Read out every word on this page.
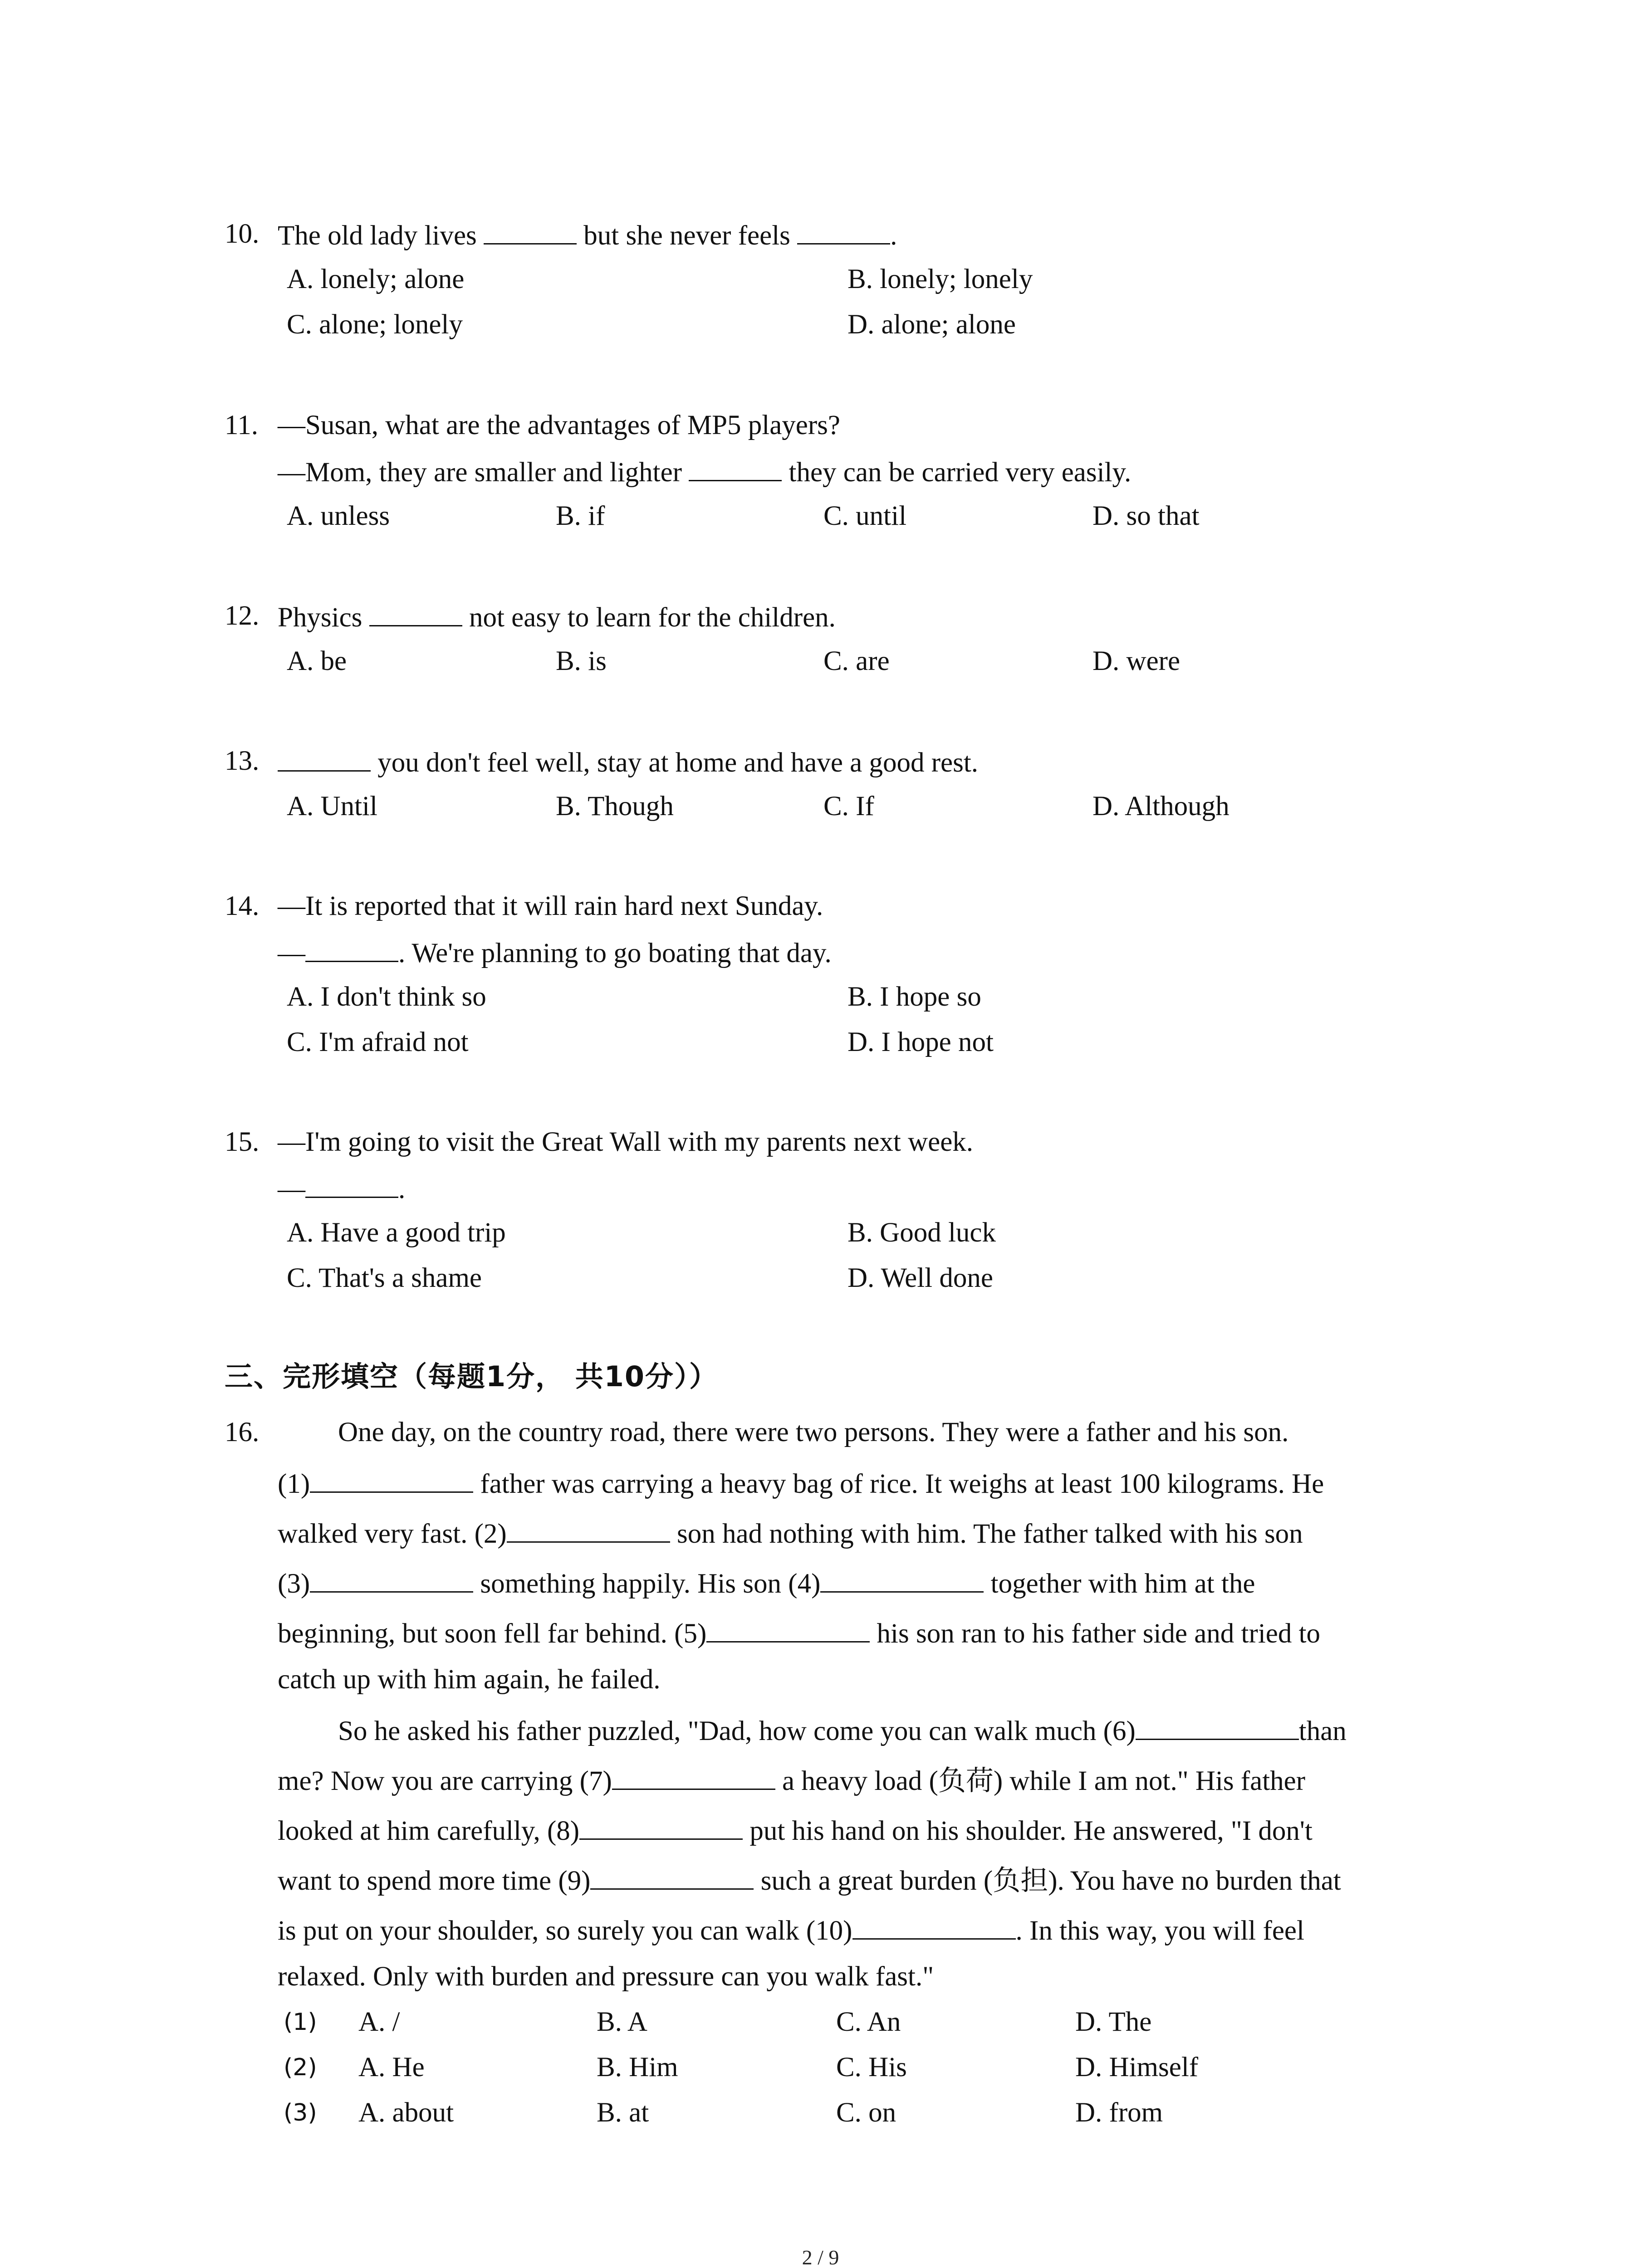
10. The old lady lives	but she never feels	.
A. lonely; alone	B. lonely; lonely
C. alone; lonely	D. alone; alone
11. —Susan, what are the advantages of MP5 players?
—Mom, they are smaller and lighter	they can be carried very easily.
A. unless	B. if	C. until	D. so that
12. Physics	not easy to learn for the children.
A. be	B. is	C. are	D. were
13.	you don't feel well, stay at home and have a good rest.
A. Until	B. Though	C. If	D. Although
14. —It is reported that it will rain hard next Sunday.
—	. We're planning to go boating that day.
A. I don't think so	B. I hope so
C. I'm afraid not	D. I hope not
15. —I'm going to visit the Great Wall with my parents next week.
—	.
A. Have a good trip	B. Good luck
C. That's a shame	D. Well done
三、完形填空（每题1分， 共10分））
16.	One day, on the country road, there were two persons. They were a father and his son.
(1)	father was carrying a heavy bag of rice. It weighs at least 100 kilograms. He
walked very fast. (2)	son had nothing with him. The father talked with his son
(3)	something happily. His son (4)	together with him at the
beginning, but soon fell far behind. (5)	his son ran to his father side and tried to
catch up with him again, he failed.
So he asked his father puzzled, "Dad, how come you can walk much (6)	than
me? Now you are carrying (7)	a heavy load (负荷) while I am not." His father
looked at him carefully, (8)	put his hand on his shoulder. He answered, "I don't
want to spend more time (9)	such a great burden (负担). You have no burden that
is put on your shoulder, so surely you can walk (10)	. In this way, you will feel
relaxed. Only with burden and pressure can you walk fast."
(1) A. /	B. A	C. An	D. The
(2) A. He	B. Him	C. His	D. Himself
(3) A. about	B. at	C. on	D. from
2 / 9
